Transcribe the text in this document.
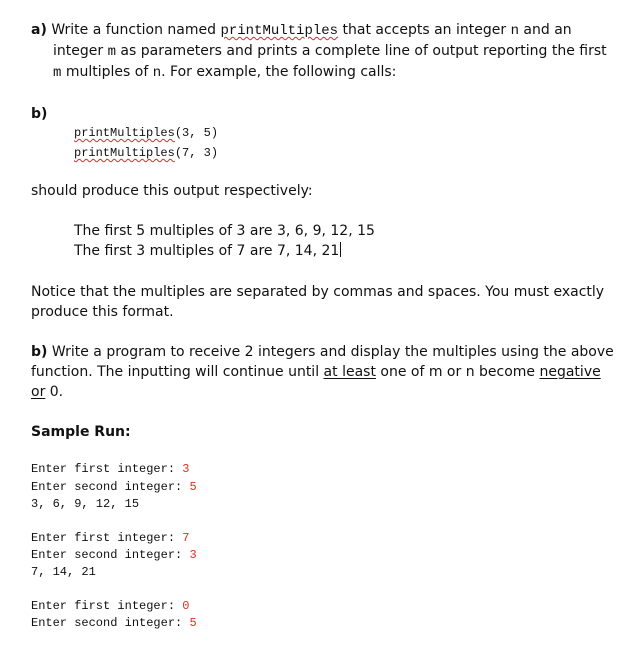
a) Write a function named printMultiples that accepts an integer n and an
integer m as parameters and prints a complete line of output reporting the first
m multiples of n. For example, the following calls:
b)
printMultiples(3, 5)
printMultiples(7, 3)
should produce this output respectively:
The first 5 multiples of 3 are 3, 6, 9, 12, 15
The first 3 multiples of 7 are 7, 14, 21
Notice that the multiples are separated by commas and spaces. You must exactly
produce this format.
b) Write a program to receive 2 integers and display the multiples using the above
function. The inputting will continue until at least one of m or n become negative
or 0.
Sample Run:
Enter first integer: 3
Enter second integer: 5
3, 6, 9, 12, 15
Enter first integer: 7
Enter second integer: 3
7, 14, 21
Enter first integer: 0
Enter second integer: 5
